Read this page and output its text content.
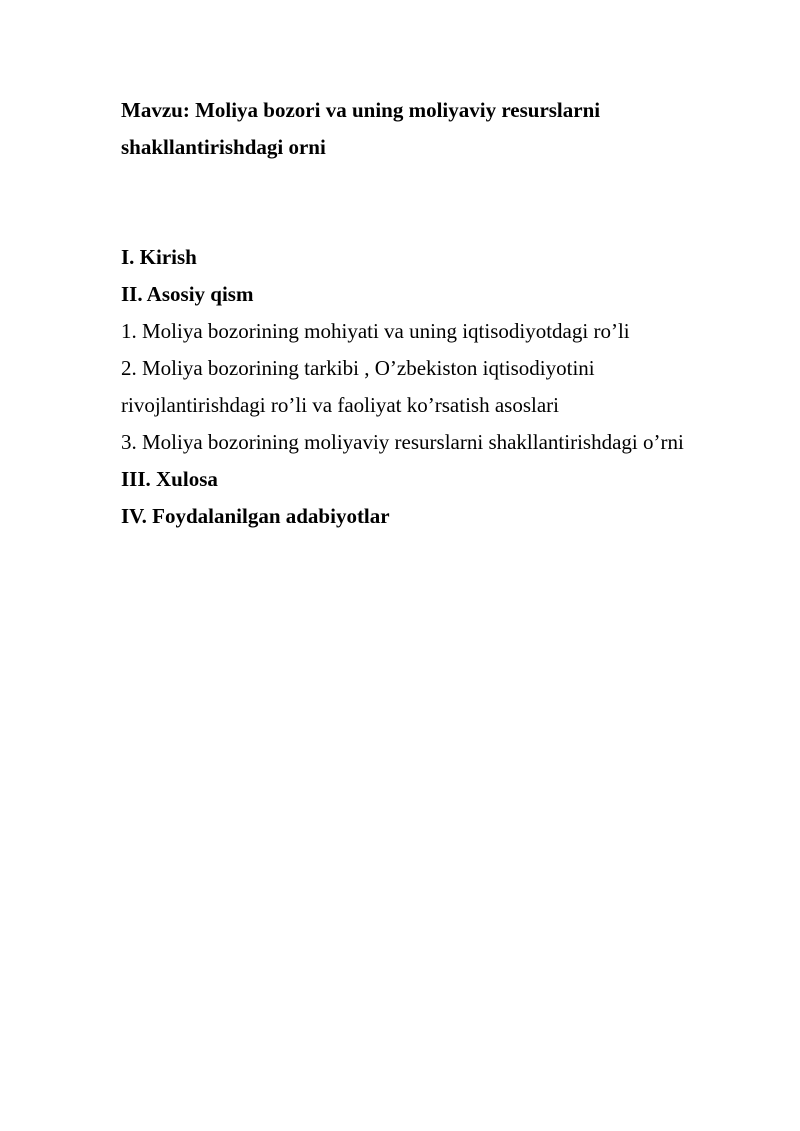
Mavzu: Moliya bozori va uning moliyaviy resurslarni
shakllantirishdagi orni
I. Kirish
II. Asosiy qism
1. Moliya bozorining mohiyati va uning iqtisodiyotdagi ro’li
2. Moliya bozorining tarkibi , O’zbekiston iqtisodiyotini
rivojlantirishdagi ro’li va faoliyat ko’rsatish asoslari
3. Moliya bozorining moliyaviy resurslarni shakllantirishdagi o’rni
III. Xulosa
IV. Foydalanilgan adabiyotlar
